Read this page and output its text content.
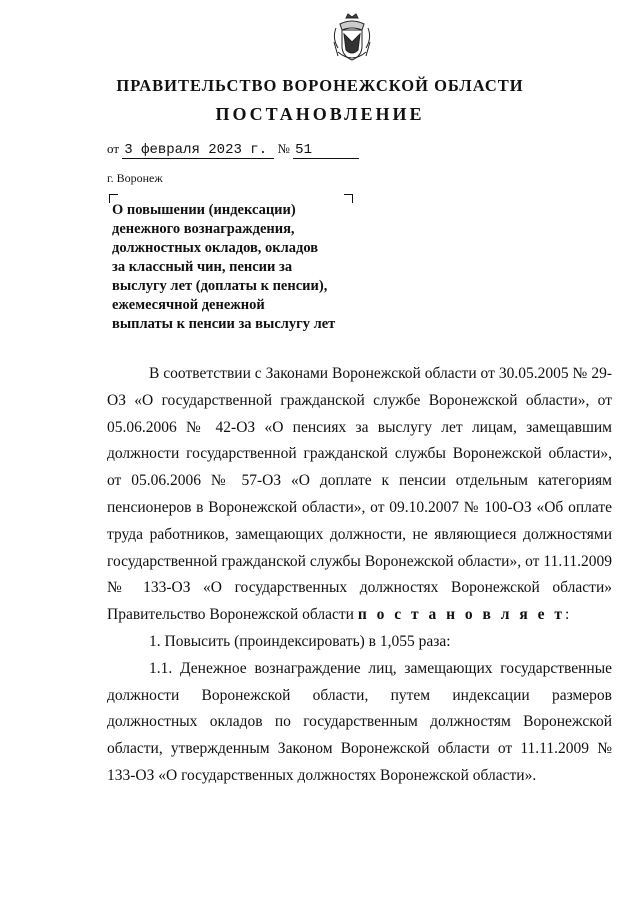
ПРАВИТЕЛЬСТВО ВОРОНЕЖСКОЙ ОБЛАСТИ
ПОСТАНОВЛЕНИЕ
от 3 февраля 2023 г. № 51
г. Воронеж
О повышении (индексации)
денежного вознаграждения,
должностных окладов, окладов
за классный чин, пенсии за
выслугу лет (доплаты к пенсии),
ежемесячной денежной
выплаты к пенсии за выслугу лет

В соответствии с Законами Воронежской области от 30.05.2005 № 29-ОЗ «О государственной гражданской службе Воронежской области», от 05.06.2006 № 42-ОЗ «О пенсиях за выслугу лет лицам, замещавшим должности государственной гражданской службы Воронежской области», от 05.06.2006 № 57-ОЗ «О доплате к пенсии отдельным категориям пенсионеров в Воронежской области», от 09.10.2007 № 100-ОЗ «Об оплате труда работников, замещающих должности, не являющиеся должностями государственной гражданской службы Воронежской области», от 11.11.2009 № 133-ОЗ «О государственных должностях Воронежской области» Правительство Воронежской области п о с т а н о в л я е т:

1. Повысить (проиндексировать) в 1,055 раза:

1.1. Денежное вознаграждение лиц, замещающих государственные должности Воронежской области, путем индексации размеров должностных окладов по государственным должностям Воронежской области, утвержденным Законом Воронежской области от 11.11.2009 № 133-ОЗ «О государственных должностях Воронежской области».
